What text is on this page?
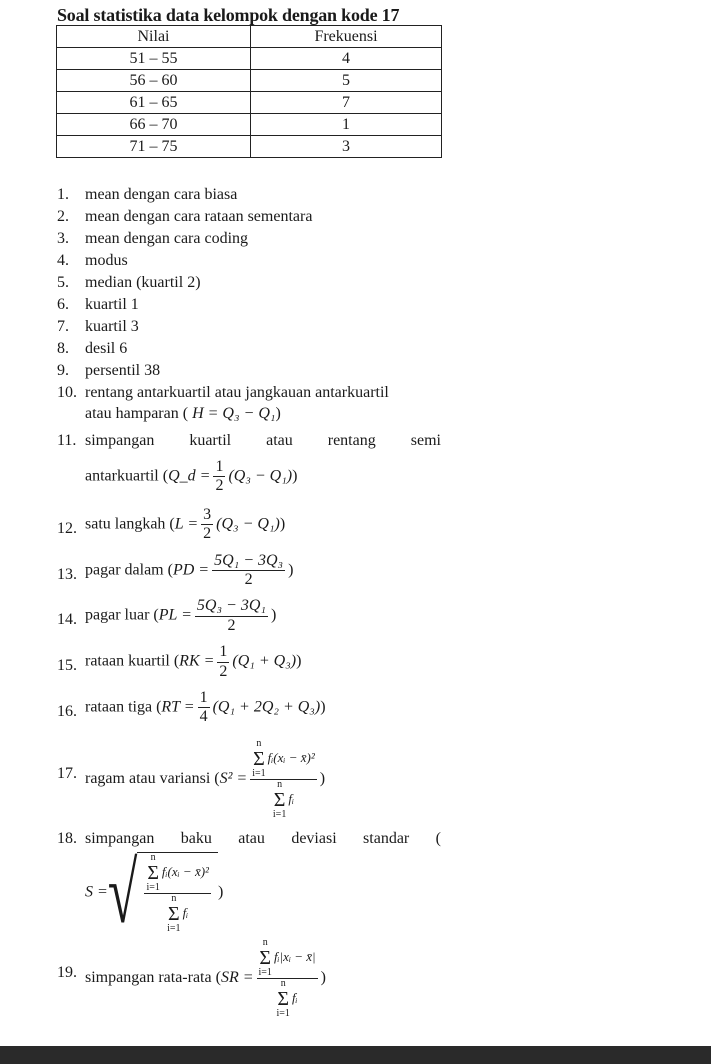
Soal statistika data kelompok dengan kode 17
Nilai	Frekuensi
51 – 55	4
56 – 60	5
61 – 65	7
66 – 70	1
71 – 75	3
1. mean dengan cara biasa
2. mean dengan cara rataan sementara
3. mean dengan cara coding
4. modus
5. median (kuartil 2)
6. kuartil 1
7. kuartil 3
8. desil 6
9. persentil 38
10. rentang antarkuartil atau jangkauan antarkuartil
atau hamparan ( H = Q₃ − Q₁)
11. simpangan kuartil atau rentang semi
antarkuartil (Q_d = $\frac{1}{2} (Q_3 - Q_1)$)
12. satu langkah $(L = \frac{3}{2} (Q_3 - Q_1))$
13. pagar dalam ($PD = \frac{\text{5Q₁ − 3Q₃}}{2}$ )
14. pagar luar ($PL = \frac{\text{5Q₃ − 3Q₁}}{2}$ )
15. rataan kuartil $(RK = \frac{1}{2} (Q_1 + Q_3))$
16. rataan tiga $(RT = \frac{1}{4} (Q_1 + 2Q_2 + Q_3))$
17. ragam atau variansi (S² = n
Σ
i=1
fᵢ(xᵢ − x̄)²
n
Σ
i=1
fᵢ )
18. simpangan baku atau deviasi standar (
S = √ n
Σ
i=1
fᵢ(xᵢ − x̄)²
n
Σ
i=1
fᵢ )
19. simpangan rata-rata (SR = n
Σ
i=1
fᵢ|xᵢ − x̄|
n
Σ
i=1
fᵢ )
